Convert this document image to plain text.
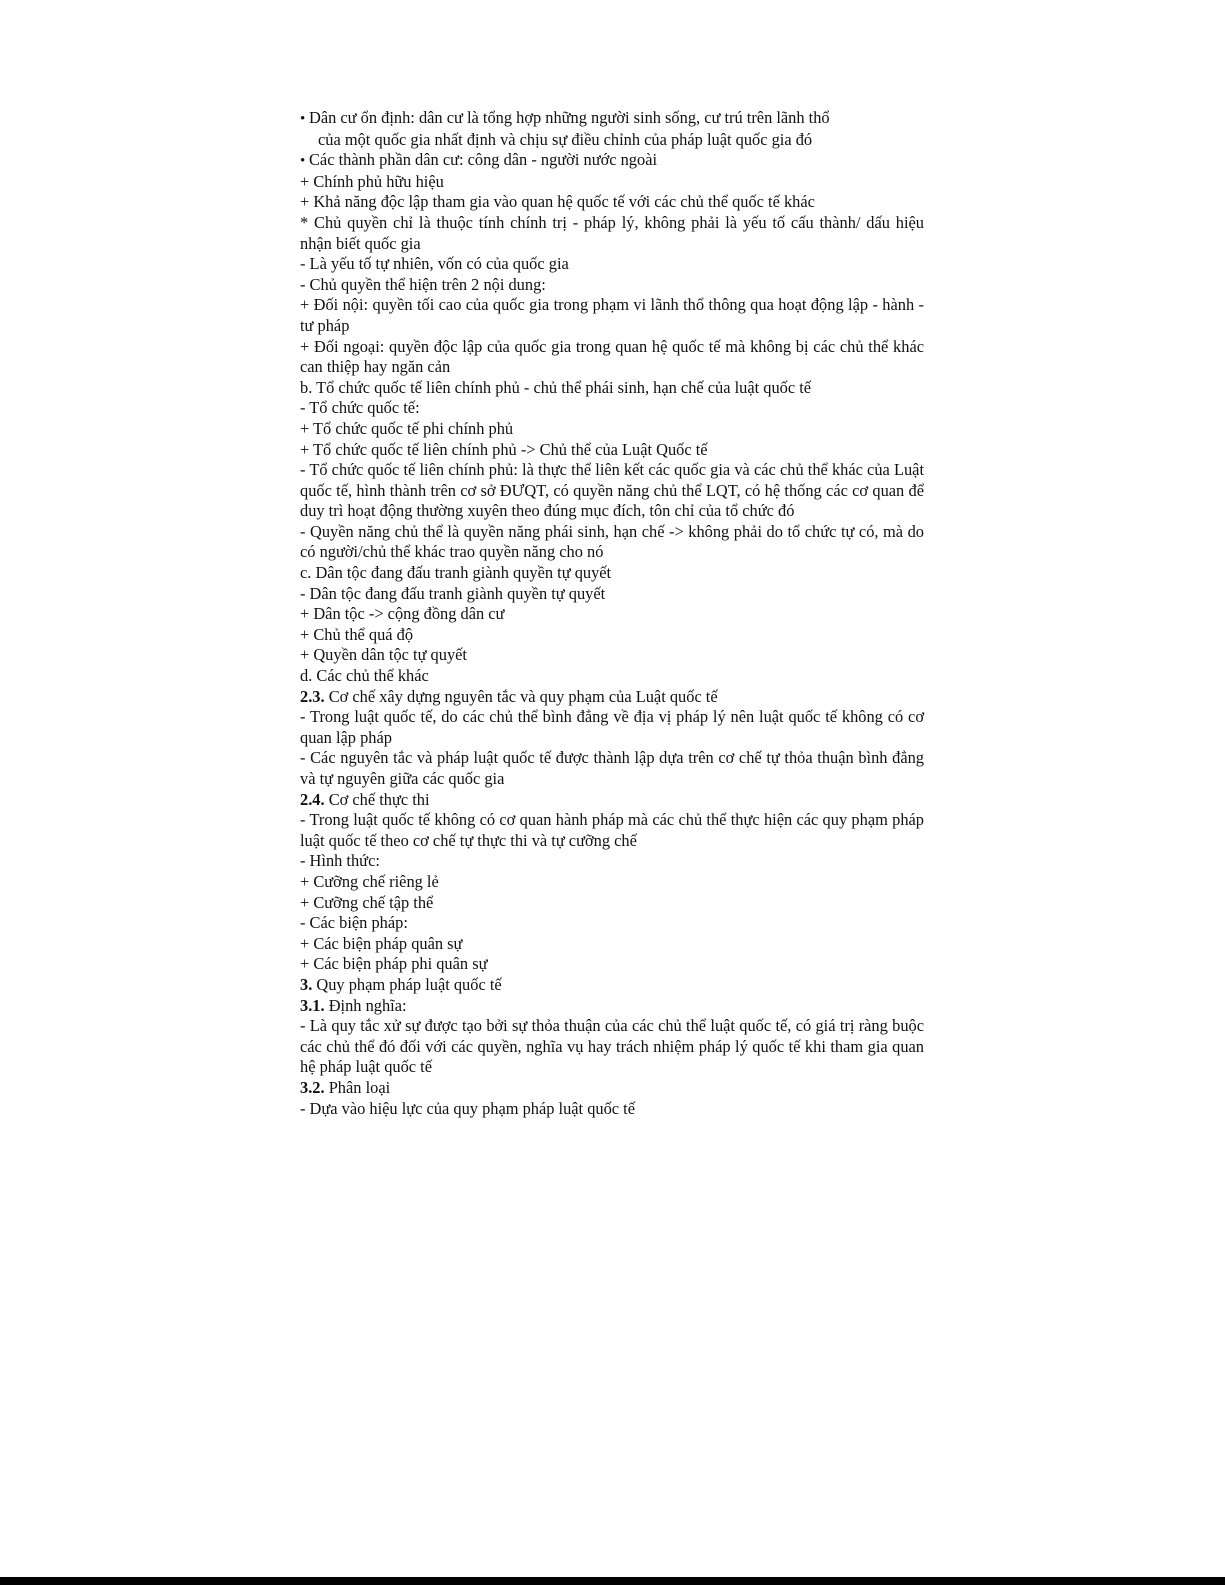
• Dân cư ổn định: dân cư là tổng hợp những người sinh sống, cư trú trên lãnh thổ
của một quốc gia nhất định và chịu sự điều chỉnh của pháp luật quốc gia đó

• Các thành phần dân cư: công dân - người nước ngoài

+ Chính phủ hữu hiệu

+ Khả năng độc lập tham gia vào quan hệ quốc tế với các chủ thể quốc tế khác

* Chủ quyền chỉ là thuộc tính chính trị - pháp lý, không phải là yếu tố cấu thành/ dấu hiệu nhận biết quốc gia

- Là yếu tố tự nhiên, vốn có của quốc gia

- Chủ quyền thể hiện trên 2 nội dung:

+ Đối nội: quyền tối cao của quốc gia trong phạm vi lãnh thổ thông qua hoạt động lập - hành - tư pháp

+ Đối ngoại: quyền độc lập của quốc gia trong quan hệ quốc tế mà không bị các chủ thể khác can thiệp hay ngăn cản

b. Tổ chức quốc tế liên chính phủ - chủ thể phái sinh, hạn chế của luật quốc tế

- Tổ chức quốc tế:

+ Tổ chức quốc tế phi chính phủ

+ Tổ chức quốc tế liên chính phủ -> Chủ thể của Luật Quốc tế

- Tổ chức quốc tế liên chính phủ: là thực thể liên kết các quốc gia và các chủ thể khác của Luật quốc tế, hình thành trên cơ sở ĐƯQT, có quyền năng chủ thể LQT, có hệ thống các cơ quan để duy trì hoạt động thường xuyên theo đúng mục đích, tôn chỉ của tổ chức đó

- Quyền năng chủ thể là quyền năng phái sinh, hạn chế -> không phải do tổ chức tự có, mà do có người/chủ thể khác trao quyền năng cho nó

c. Dân tộc đang đấu tranh giành quyền tự quyết

- Dân tộc đang đấu tranh giành quyền tự quyết

+ Dân tộc -> cộng đồng dân cư

+ Chủ thể quá độ

+ Quyền dân tộc tự quyết

d. Các chủ thể khác

2.3. Cơ chế xây dựng nguyên tắc và quy phạm của Luật quốc tế

- Trong luật quốc tế, do các chủ thể bình đẳng về địa vị pháp lý nên luật quốc tế không có cơ quan lập pháp

- Các nguyên tắc và pháp luật quốc tế được thành lập dựa trên cơ chế tự thỏa thuận bình đẳng và tự nguyên giữa các quốc gia

2.4. Cơ chế thực thi

- Trong luật quốc tế không có cơ quan hành pháp mà các chủ thể thực hiện các quy phạm pháp luật quốc tế theo cơ chế tự thực thi và tự cưỡng chế

- Hình thức:

+ Cưỡng chế riêng lẻ

+ Cưỡng chế tập thể

- Các biện pháp:

+ Các biện pháp quân sự

+ Các biện pháp phi quân sự

3. Quy phạm pháp luật quốc tế

3.1. Định nghĩa:

- Là quy tắc xử sự được tạo bởi sự thỏa thuận của các chủ thể luật quốc tế, có giá trị ràng buộc các chủ thể đó đối với các quyền, nghĩa vụ hay trách nhiệm pháp lý quốc tế khi tham gia quan hệ pháp luật quốc tế

3.2. Phân loại

- Dựa vào hiệu lực của quy phạm pháp luật quốc tế
